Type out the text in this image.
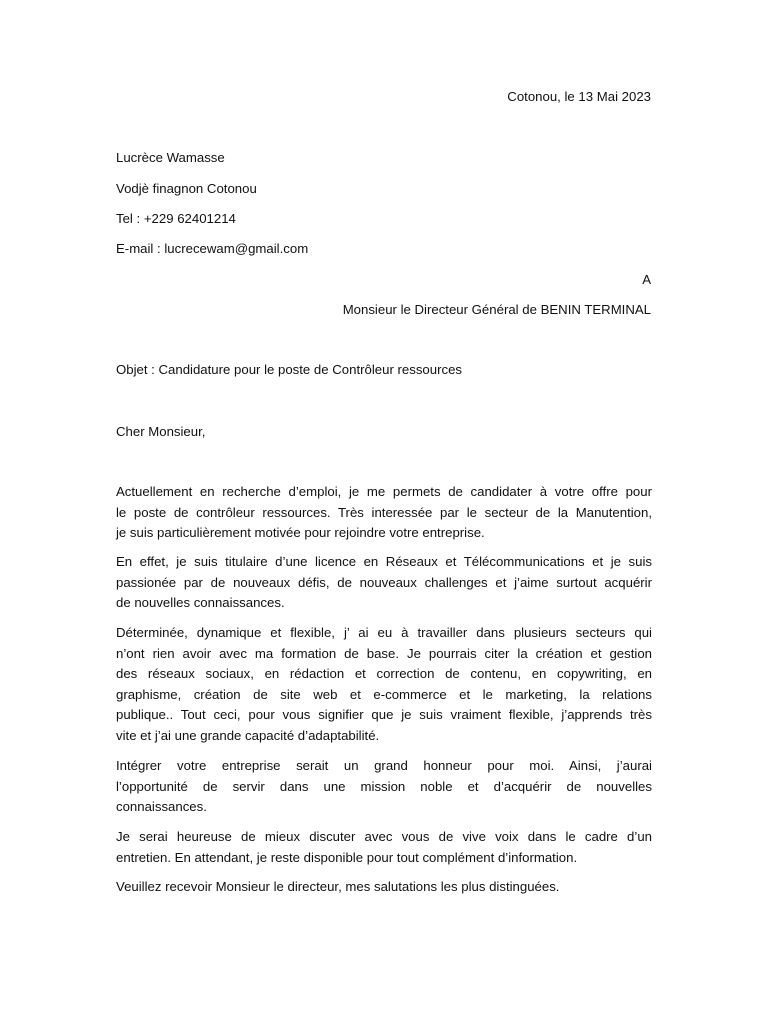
Cotonou, le 13 Mai 2023
Lucrèce Wamasse
Vodjè finagnon Cotonou
Tel : +229 62401214
E-mail : lucrecewam@gmail.com
A
Monsieur le Directeur Général de BENIN TERMINAL
Objet : Candidature pour le poste de Contrôleur ressources
Cher Monsieur,
Actuellement en recherche d’emploi, je me permets de candidater à votre offre pour
le poste de contrôleur ressources. Très interessée par le secteur de la Manutention,
je suis particulièrement motivée pour rejoindre votre entreprise.
En effet, je suis titulaire d’une licence en Réseaux et Télécommunications et je suis
passionée par de nouveaux défis, de nouveaux challenges et j’aime surtout acquérir
de nouvelles connaissances.
Déterminée, dynamique et flexible, j’ ai eu à travailler dans plusieurs secteurs qui
n’ont rien avoir avec ma formation de base. Je pourrais citer la création et gestion
des réseaux sociaux, en rédaction et correction de contenu, en copywriting, en
graphisme, création de site web et e-commerce et le marketing, la relations
publique.. Tout ceci, pour vous signifier que je suis vraiment flexible, j’apprends très
vite et j’ai une grande capacité d’adaptabilité.
Intégrer votre entreprise serait un grand honneur pour moi. Ainsi, j’aurai
l’opportunité de servir dans une mission noble et d’acquérir de nouvelles
connaissances.
Je serai heureuse de mieux discuter avec vous de vive voix dans le cadre d’un
entretien. En attendant, je reste disponible pour tout complément d’information.
Veuillez recevoir Monsieur le directeur, mes salutations les plus distinguées.
